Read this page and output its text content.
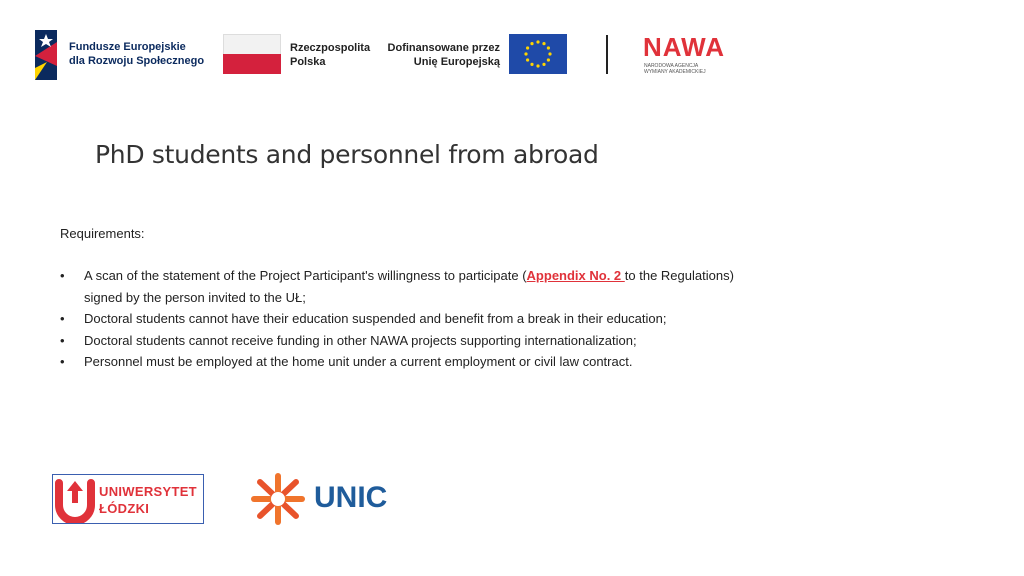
Fundusze Europejskie
dla Rozwoju Społecznego
Rzeczpospolita
Polska
Dofinansowane przez
Unię Europejską	NAWA
NARODOWA AGENCJA
WYMIANY AKADEMICKIEJ
PhD students and personnel from abroad
Requirements:
• A scan of the statement of the Project Participant's willingness to participate (Appendix No. 2 to the Regulations)
signed by the person invited to the UŁ;
• Doctoral students cannot have their education suspended and benefit from a break in their education;
• Doctoral students cannot receive funding in other NAWA projects supporting internationalization;
• Personnel must be employed at the home unit under a current employment or civil law contract.
UNIWERSYTET
ŁÓDZKI	UNIC
